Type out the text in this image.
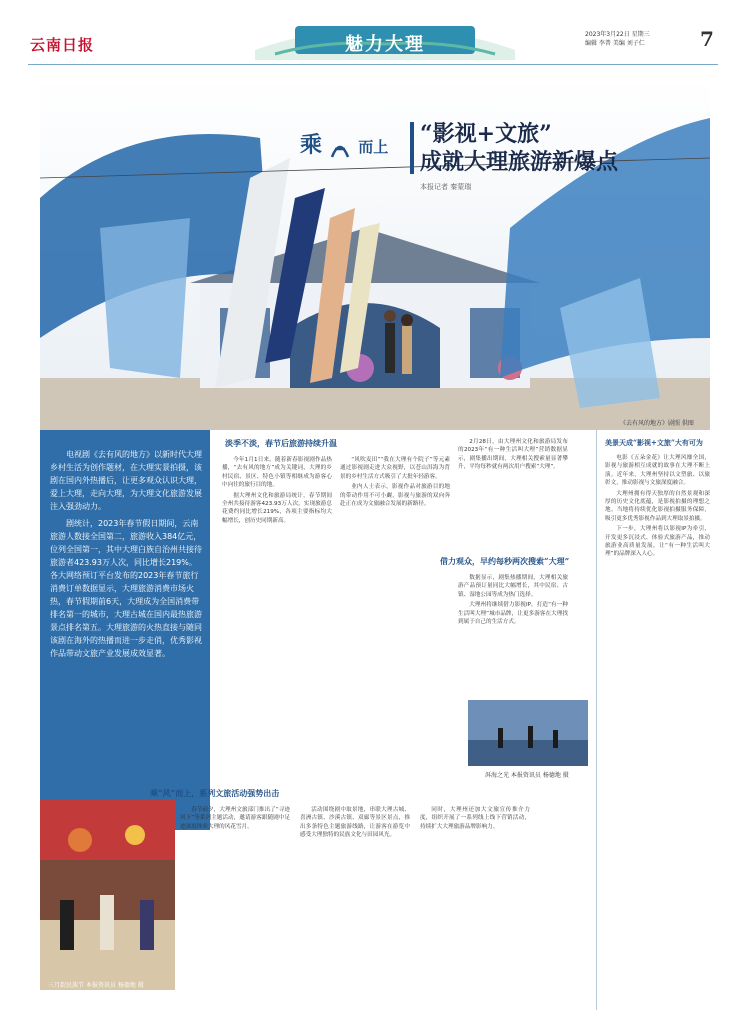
云南日报	魅力大理	2023年3月22日 星期三
编辑 李普 美编 刘子仁	7
乘 而上 “影视+文旅”
成就大理旅游新爆点
本报记者 秦蒙瑞
《去有风的地方》剧照 供图

电视剧《去有风的地方》以新时代大理乡村生活为创作题材，在大理实景拍摄，该剧在国内外热播后，让更多观众认识大理，爱上大理，走向大理，为大理文化旅游发展注入强劲动力。

剧统计，2023年春节假日期间，云南旅游人数接全国第二，旅游收入384亿元，位列全国第一，其中大理白族自治州共接待旅游者423.93万人次，同比增长219%。各大网络预订平台发布的2023年春节旅行消费订单数据显示，大理旅游消费市场火热，春节假期前6天，大理成为全国消费带排名第一的城市，大理古城在国内最热旅游景点排名第五。大理旅游的火热直接与随同该剧在海外的热播而进一步走俏，优秀影视作品带动文旅产业发展成效显著。

淡季不淡，春节后旅游持续升温

今年1月1日来，随着新春影视剧作品热播，“去有风的地方”成为关键词，大理的乡村民宿、景区、特色小镇等相继成为游客心中向往的旅行目的地。

据大理州文化和旅游局统计，春节期间全州共接待游客423.93万人次，实现旅游总花费约同比增长219%，各项主要指标均大幅增长，创历史同期新高。

“风吹麦田”“我在大理有个院子”等元素通过影视剧走进大众视野，以苍山洱海为背景的乡村生活方式吸引了大批年轻游客。

业内人士表示，影视作品对旅游目的地的带动作用不可小觑，影视与旅游的双向奔赴正在成为文旅融合发展的新路径。

借力观众，早约每秒两次搜索“大理”

2月28日，由大理州文化和旅游局发布的2023年“有一种生活叫大理”营销数据显示，剧集播出期间，大理相关搜索量显著攀升，平均每秒就有两次用户搜索“大理”。

数据显示，剧集热播期间，大理相关旅游产品预订量同比大幅增长，其中民宿、古镇、湿地公园等成为热门选择。

大理州将继续借力影视IP，打造“有一种生活叫大理”城市品牌，让更多游客在大理找到属于自己的生活方式。

洱海之光 本报资讯员 杨德地 摄
乘“风”而上，系列文旅活动强势出击

春节前夕，大理州文旅部门推出了“寻迹风下”等系列主题活动，邀请游客跟随剧中足迹深度体验大理的风花雪月。

活动围绕剧中取景地，串联大理古城、喜洲古镇、沙溪古镇、双廊等景区景点，推出多条特色主题旅游线路，让游客在游览中感受大理独特的民族文化与田园风光。

同时，大理州还加大文旅宣传推介力度，组织开展了一系列线上线下营销活动，持续扩大大理旅游品牌影响力。

三月街民族节 本报资讯员 杨德地 摄
美景天成“影视+文旅”大有可为

电影《五朵金花》让大理风靡全国，影视与旅游相互成就的故事在大理不断上演。近年来，大理州坚持以文塑旅、以旅彰文，推动影视与文旅深度融合。

大理州拥有得天独厚的自然景观和深厚的历史文化底蕴，是影视拍摄的理想之地。当地将持续优化影视拍摄服务保障，吸引更多优秀影视作品到大理取景拍摄。

下一步，大理州将以影视IP为牵引，开发更多沉浸式、体验式旅游产品，推动旅游业高质量发展，让“有一种生活叫大理”的品牌深入人心。
